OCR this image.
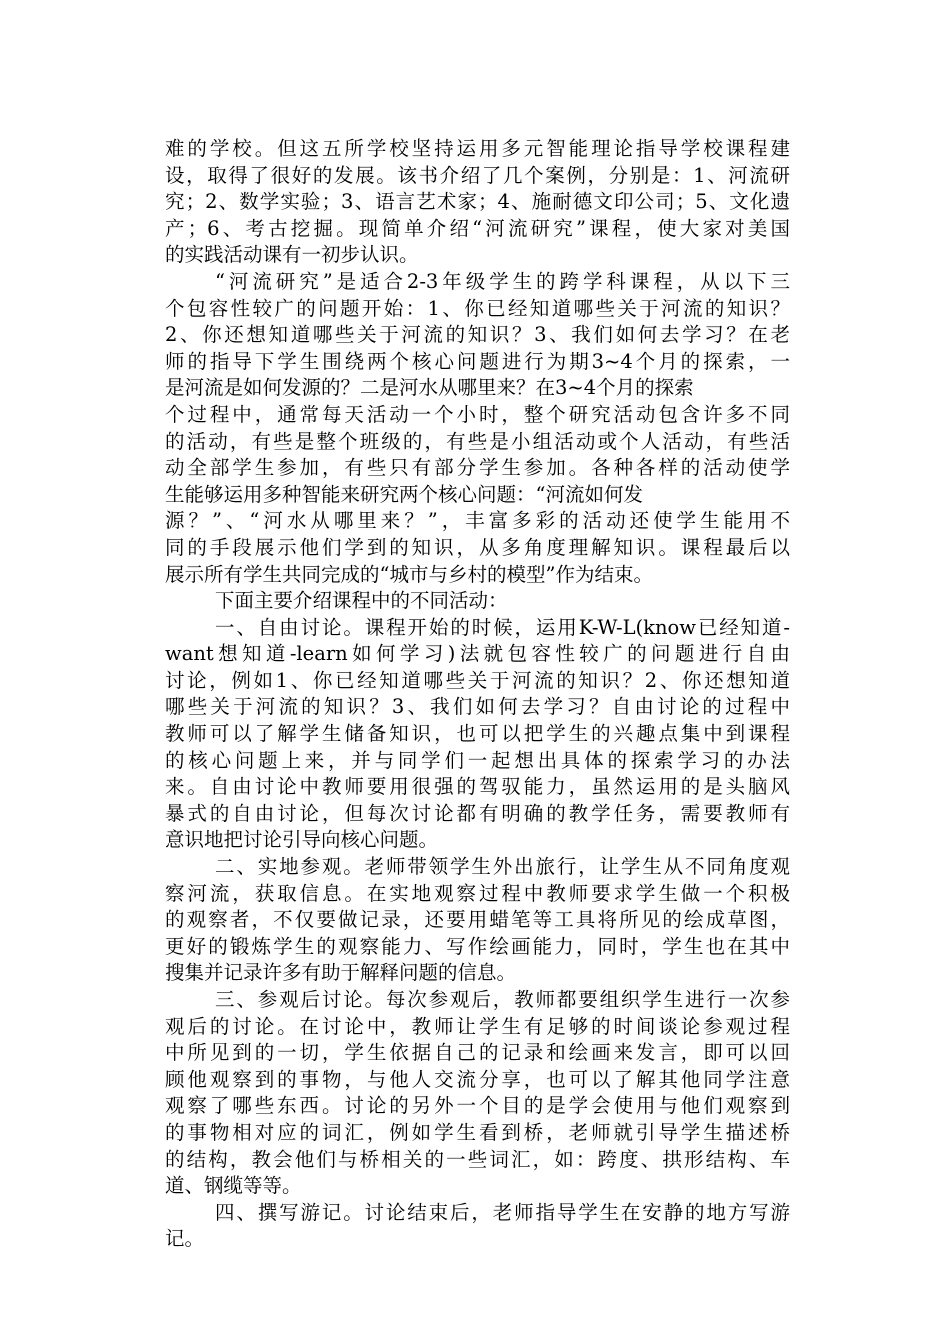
难的学校。但这五所学校坚持运用多元智能理论指导学校课程建
设，取得了很好的发展。该书介绍了几个案例，分别是：1、河流研
究；2、数学实验；3、语言艺术家；4、施耐德文印公司；5、文化遗
产；6、考古挖掘。现简单介绍“河流研究”课程，使大家对美国
的实践活动课有一初步认识。
“河流研究”是适合2-3年级学生的跨学科课程，从以下三
个包容性较广的问题开始：1、你已经知道哪些关于河流的知识？
2、你还想知道哪些关于河流的知识？3、我们如何去学习？在老
师的指导下学生围绕两个核心问题进行为期3~4个月的探索，一
是河流是如何发源的？二是河水从哪里来？在3~4个月的探索
个过程中，通常每天活动一个小时，整个研究活动包含许多不同
的活动，有些是整个班级的，有些是小组活动或个人活动，有些活
动全部学生参加，有些只有部分学生参加。各种各样的活动使学
生能够运用多种智能来研究两个核心问题：“河流如何发
源？”、“河水从哪里来？”，丰富多彩的活动还使学生能用不
同的手段展示他们学到的知识，从多角度理解知识。课程最后以
展示所有学生共同完成的“城市与乡村的模型”作为结束。
下面主要介绍课程中的不同活动：
一、自由讨论。课程开始的时候，运用K-W-L(know已经知道-
want想知道-learn如何学习)法就包容性较广的问题进行自由
讨论，例如1、你已经知道哪些关于河流的知识？2、你还想知道
哪些关于河流的知识？3、我们如何去学习？自由讨论的过程中
教师可以了解学生储备知识，也可以把学生的兴趣点集中到课程
的核心问题上来，并与同学们一起想出具体的探索学习的办法
来。自由讨论中教师要用很强的驾驭能力，虽然运用的是头脑风
暴式的自由讨论，但每次讨论都有明确的教学任务，需要教师有
意识地把讨论引导向核心问题。
二、实地参观。老师带领学生外出旅行，让学生从不同角度观
察河流，获取信息。在实地观察过程中教师要求学生做一个积极
的观察者，不仅要做记录，还要用蜡笔等工具将所见的绘成草图，
更好的锻炼学生的观察能力、写作绘画能力，同时，学生也在其中
搜集并记录许多有助于解释问题的信息。
三、参观后讨论。每次参观后，教师都要组织学生进行一次参
观后的讨论。在讨论中，教师让学生有足够的时间谈论参观过程
中所见到的一切，学生依据自己的记录和绘画来发言，即可以回
顾他观察到的事物，与他人交流分享，也可以了解其他同学注意
观察了哪些东西。讨论的另外一个目的是学会使用与他们观察到
的事物相对应的词汇，例如学生看到桥，老师就引导学生描述桥
的结构，教会他们与桥相关的一些词汇，如：跨度、拱形结构、车
道、钢缆等等。
四、撰写游记。讨论结束后，老师指导学生在安静的地方写游
记。
